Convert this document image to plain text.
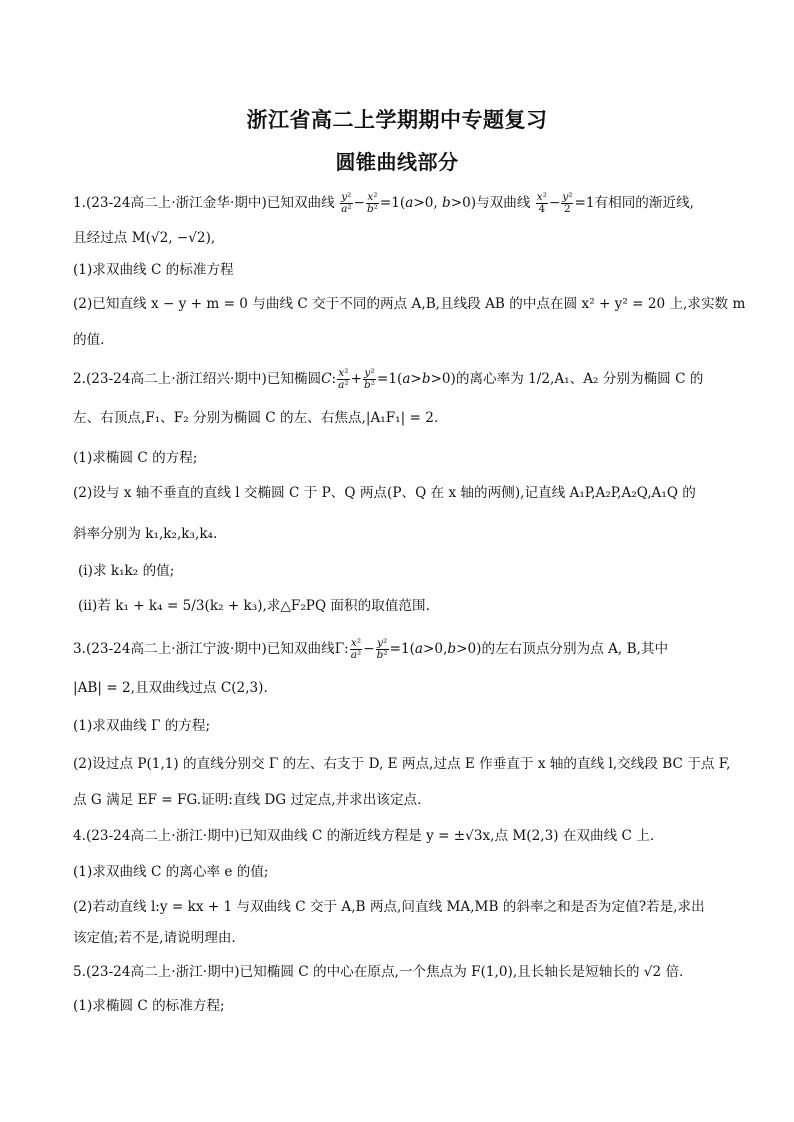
浙江省高二上学期期中专题复习
圆锥曲线部分
1.(23-24高二上·浙江金华·期中)已知双曲线 $\frac{\text{y²}}{\text{a²}} - \frac{\text{x²}}{\text{b²}} =1(a>0$, b>0)与双曲线 $\frac{\text{x²}}{4} - \frac{\text{y²}}{2} =1$有相同的渐近线,
且经过点 M(√2, −√2),
(1)求双曲线 C 的标准方程
(2)已知直线 x − y + m = 0 与曲线 C 交于不同的两点 A,B,且线段 AB 的中点在圆 x² + y² = 20 上,求实数 m
的值.
2.(23-24高二上·浙江绍兴·期中)已知椭圆C: $\frac{\text{x²}}{\text{a²}} + \frac{\text{y²}}{\text{b²}} =1(a>b>0)$的离心率为 1/2,A₁、A₂ 分别为椭圆 C 的
左、右顶点,F₁、F₂ 分别为椭圆 C 的左、右焦点,|A₁F₁| = 2.
(1)求椭圆 C 的方程;
(2)设与 x 轴不垂直的直线 l 交椭圆 C 于 P、Q 两点(P、Q 在 x 轴的两侧),记直线 A₁P,A₂P,A₂Q,A₁Q 的
斜率分别为 k₁,k₂,k₃,k₄.
(i)求 k₁k₂ 的值;
(ii)若 k₁ + k₄ = 5/3(k₂ + k₃),求△F₂PQ 面积的取值范围.
3.(23-24高二上·浙江宁波·期中)已知双曲线Γ: $\frac{\text{x²}}{\text{a²}} - \frac{\text{y²}}{\text{b²}} =1(a>0,b>0)$的左右顶点分别为点 A, B,其中
|AB| = 2,且双曲线过点 C(2,3).
(1)求双曲线 Γ 的方程;
(2)设过点 P(1,1) 的直线分别交 Γ 的左、右支于 D, E 两点,过点 E 作垂直于 x 轴的直线 l,交线段 BC 于点 F,
点 G 满足 EF = FG.证明:直线 DG 过定点,并求出该定点.
4.(23-24高二上·浙江·期中)已知双曲线 C 的渐近线方程是 y = ±√3x,点 M(2,3) 在双曲线 C 上.
(1)求双曲线 C 的离心率 e 的值;
(2)若动直线 l:y = kx + 1 与双曲线 C 交于 A,B 两点,问直线 MA,MB 的斜率之和是否为定值?若是,求出
该定值;若不是,请说明理由.
5.(23-24高二上·浙江·期中)已知椭圆 C 的中心在原点,一个焦点为 F(1,0),且长轴长是短轴长的 √2 倍.
(1)求椭圆 C 的标准方程;
